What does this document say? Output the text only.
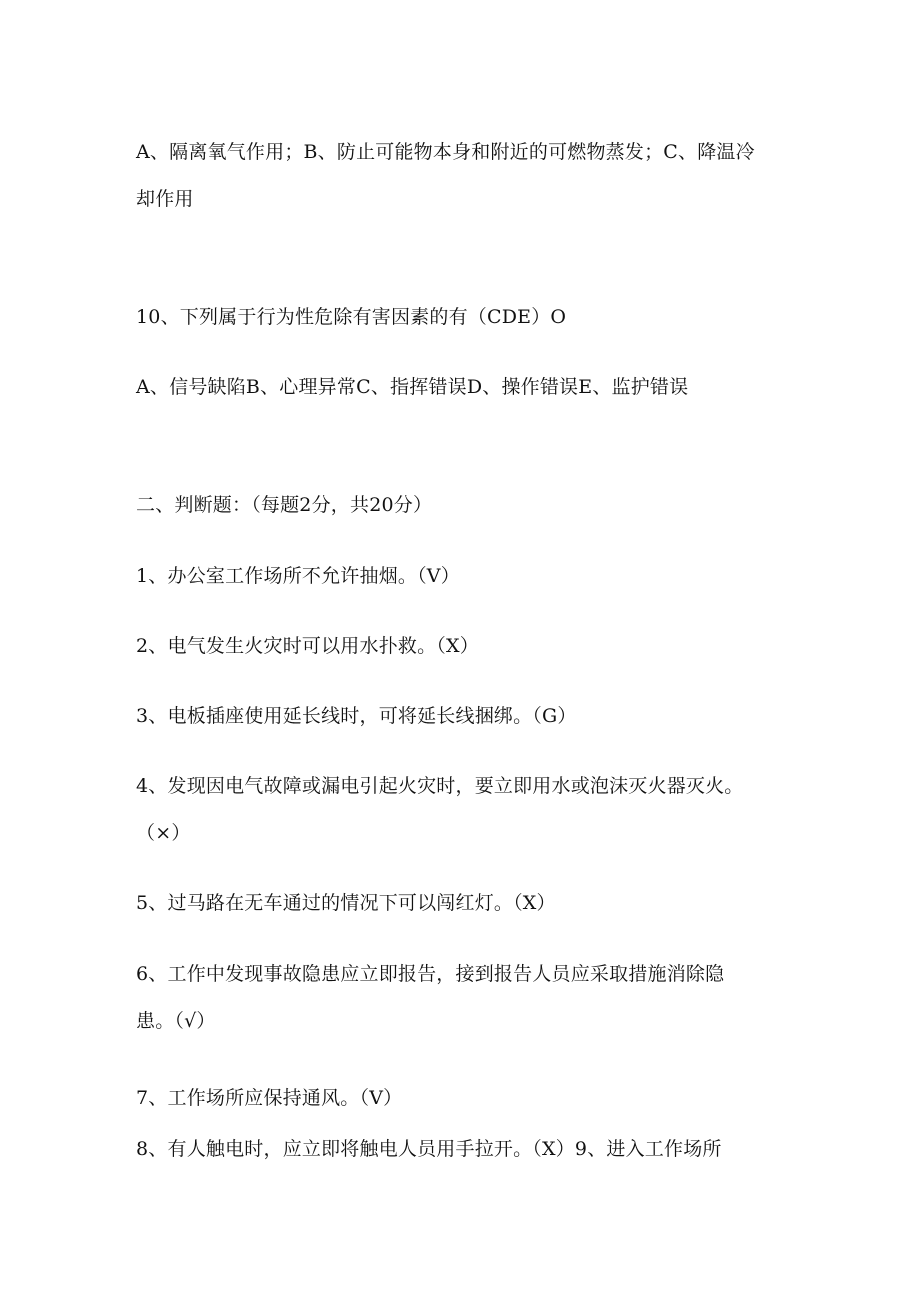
A、隔离氧气作用；B、防止可能物本身和附近的可燃物蒸发；C、降温冷
却作用
10、下列属于行为性危除有害因素的有（CDE）O
A、信号缺陷B、心理异常C、指挥错误D、操作错误E、监护错误
二、判断题：（每题2分，共20分）
1、办公室工作场所不允许抽烟。（V）
2、电气发生火灾时可以用水扑救。（X）
3、电板插座使用延长线时，可将延长线捆绑。（G）
4、发现因电气故障或漏电引起火灾时，要立即用水或泡沫灭火器灭火。
（×）
5、过马路在无车通过的情况下可以闯红灯。（X）
6、工作中发现事故隐患应立即报告，接到报告人员应采取措施消除隐
患。（√）
7、工作场所应保持通风。（V）
8、有人触电时，应立即将触电人员用手拉开。（X）9、进入工作场所
